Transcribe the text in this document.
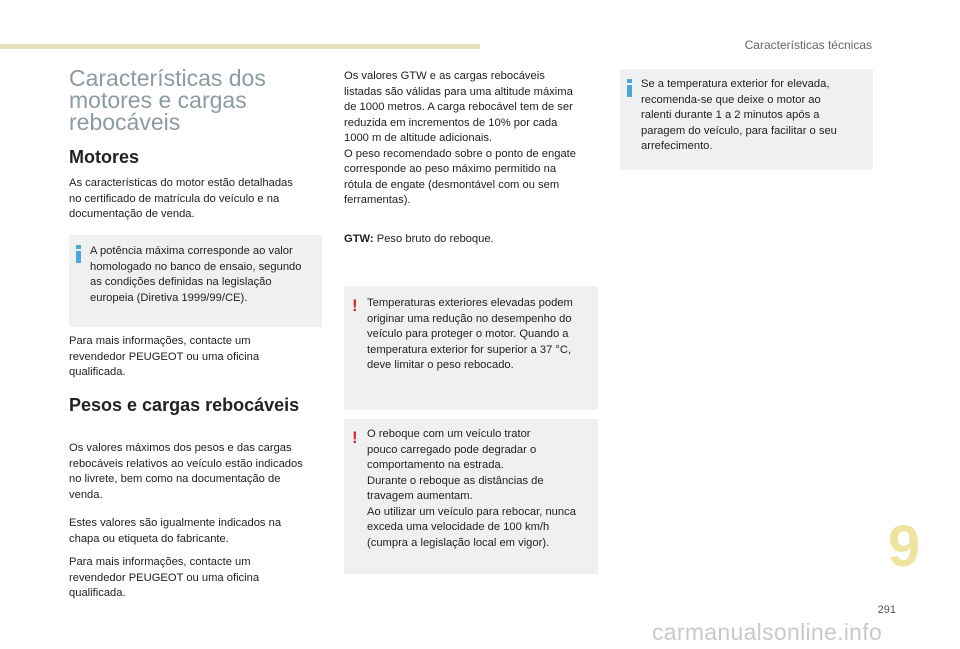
Características técnicas
Características dos
motores e cargas
rebocáveis
Motores
As características do motor estão detalhadas
no certificado de matrícula do veículo e na
documentação de venda.
A potência máxima corresponde ao valor
homologado no banco de ensaio, segundo
as condições definidas na legislação
europeia (Diretiva 1999/99/CE).
Para mais informações, contacte um
revendedor PEUGEOT ou uma oficina
qualificada.
Pesos e cargas rebocáveis
Os valores máximos dos pesos e das cargas
rebocáveis relativos ao veículo estão indicados
no livrete, bem como na documentação de
venda.
Estes valores são igualmente indicados na
chapa ou etiqueta do fabricante.
Para mais informações, contacte um
revendedor PEUGEOT ou uma oficina
qualificada.
Os valores GTW e as cargas rebocáveis
listadas são válidas para uma altitude máxima
de 1000 metros. A carga rebocável tem de ser
reduzida em incrementos de 10% por cada
1000 m de altitude adicionais.
O peso recomendado sobre o ponto de engate
corresponde ao peso máximo permitido na
rótula de engate (desmontável com ou sem
ferramentas).
GTW: Peso bruto do reboque.
! Temperaturas exteriores elevadas podem
originar uma redução no desempenho do
veículo para proteger o motor. Quando a
temperatura exterior for superior a 37 °C,
deve limitar o peso rebocado.
! O reboque com um veículo trator
pouco carregado pode degradar o
comportamento na estrada.
Durante o reboque as distâncias de
travagem aumentam.
Ao utilizar um veículo para rebocar, nunca
exceda uma velocidade de 100 km/h
(cumpra a legislação local em vigor).
Se a temperatura exterior for elevada,
recomenda-se que deixe o motor ao
ralenti durante 1 a 2 minutos após a
paragem do veículo, para facilitar o seu
arrefecimento.
9
291
carmanualsonline.info
